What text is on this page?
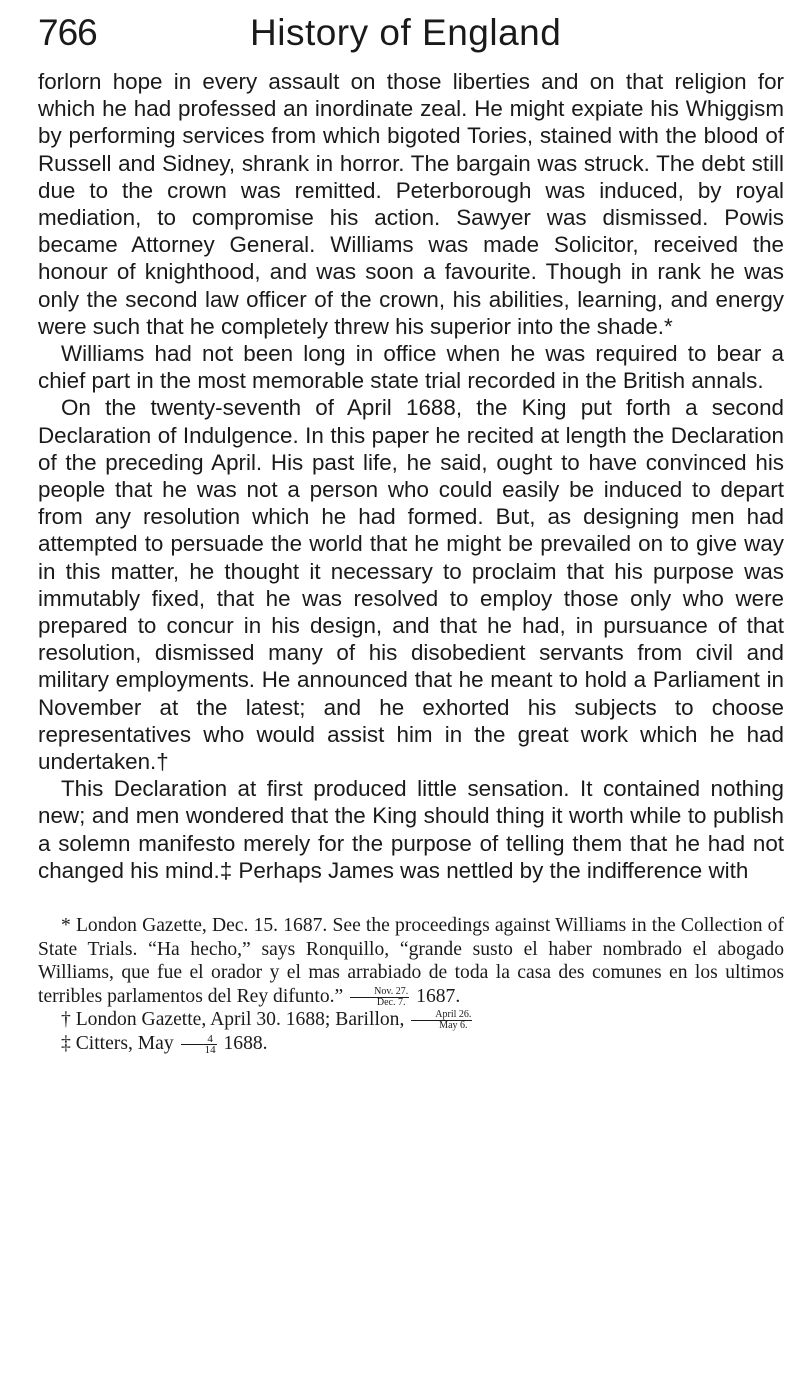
766	History of England

forlorn hope in every assault on those liberties and on that religion for which he had professed an inordinate zeal. He might expiate his Whiggism by performing services from which bigoted Tories, stained with the blood of Russell and Sidney, shrank in horror. The bargain was struck. The debt still due to the crown was remitted. Peterborough was induced, by royal mediation, to compromise his action. Sawyer was dismissed. Powis became Attorney General. Williams was made Solicitor, received the honour of knighthood, and was soon a favourite. Though in rank he was only the second law officer of the crown, his abilities, learning, and energy were such that he completely threw his superior into the shade.*

Williams had not been long in office when he was required to bear a chief part in the most memorable state trial recorded in the British annals.

On the twenty-seventh of April 1688, the King put forth a second Declaration of Indulgence. In this paper he recited at length the Declaration of the preceding April. His past life, he said, ought to have convinced his people that he was not a person who could easily be induced to depart from any resolution which he had formed. But, as designing men had attempted to persuade the world that he might be prevailed on to give way in this matter, he thought it necessary to proclaim that his purpose was immutably fixed, that he was resolved to employ those only who were prepared to concur in his design, and that he had, in pursuance of that resolution, dismissed many of his disobedient servants from civil and military employments. He announced that he meant to hold a Parliament in November at the latest; and he exhorted his subjects to choose representatives who would assist him in the great work which he had undertaken.†

This Declaration at first produced little sensation. It contained nothing new; and men wondered that the King should thing it worth while to publish a solemn manifesto merely for the purpose of telling them that he had not changed his mind.‡ Perhaps James was nettled by the indifference with

* London Gazette, Dec. 15. 1687. See the proceedings against Williams in the Collection of State Trials. “Ha hecho,” says Ronquillo, “grande susto el haber nombrado el abogado Williams, que fue el orador y el mas arrabiado de toda la casa des comunes en los ultimos terribles parlamentos del Rey difunto.” $\frac{\text{Nov. 27.}}{\text{Dec. 7.}} 1687$.

† London Gazette, April 30. 1688; Barillon, $\frac{\text{April 26.}}{\text{May 6.}}$

‡ Citters, May $\frac{4}{14} 1688$.
